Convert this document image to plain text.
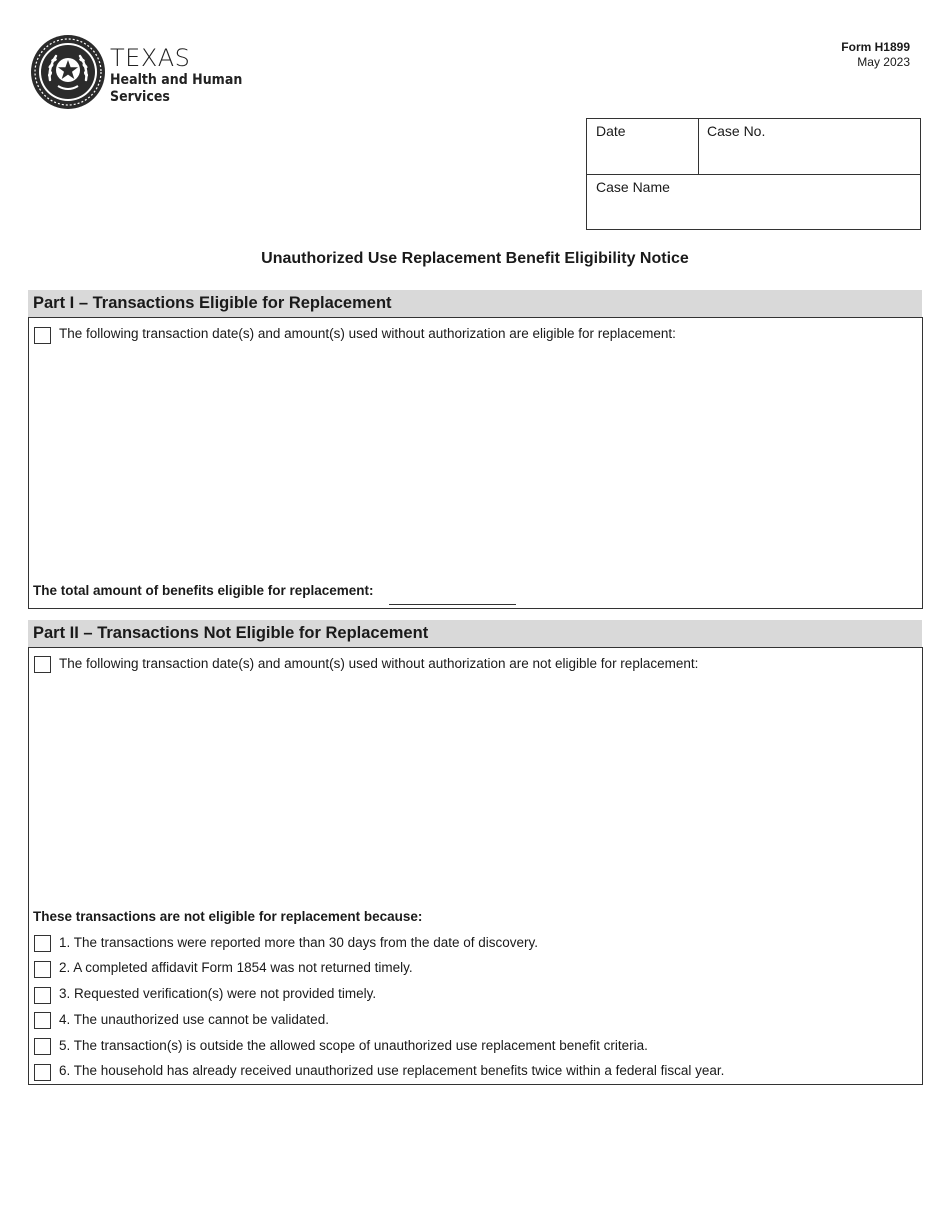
TEXAS
Health and Human
Services
Form H1899
May 2023
Date	Case No.
Case Name
Unauthorized Use Replacement Benefit Eligibility Notice
Part I – Transactions Eligible for Replacement
The following transaction date(s) and amount(s) used without authorization are eligible for replacement:
The total amount of benefits eligible for replacement:
Part II – Transactions Not Eligible for Replacement
The following transaction date(s) and amount(s) used without authorization are not eligible for replacement:
These transactions are not eligible for replacement because:
1. The transactions were reported more than 30 days from the date of discovery.
2. A completed affidavit Form 1854 was not returned timely.
3. Requested verification(s) were not provided timely.
4. The unauthorized use cannot be validated.
5. The transaction(s) is outside the allowed scope of unauthorized use replacement benefit criteria.
6. The household has already received unauthorized use replacement benefits twice within a federal fiscal year.
